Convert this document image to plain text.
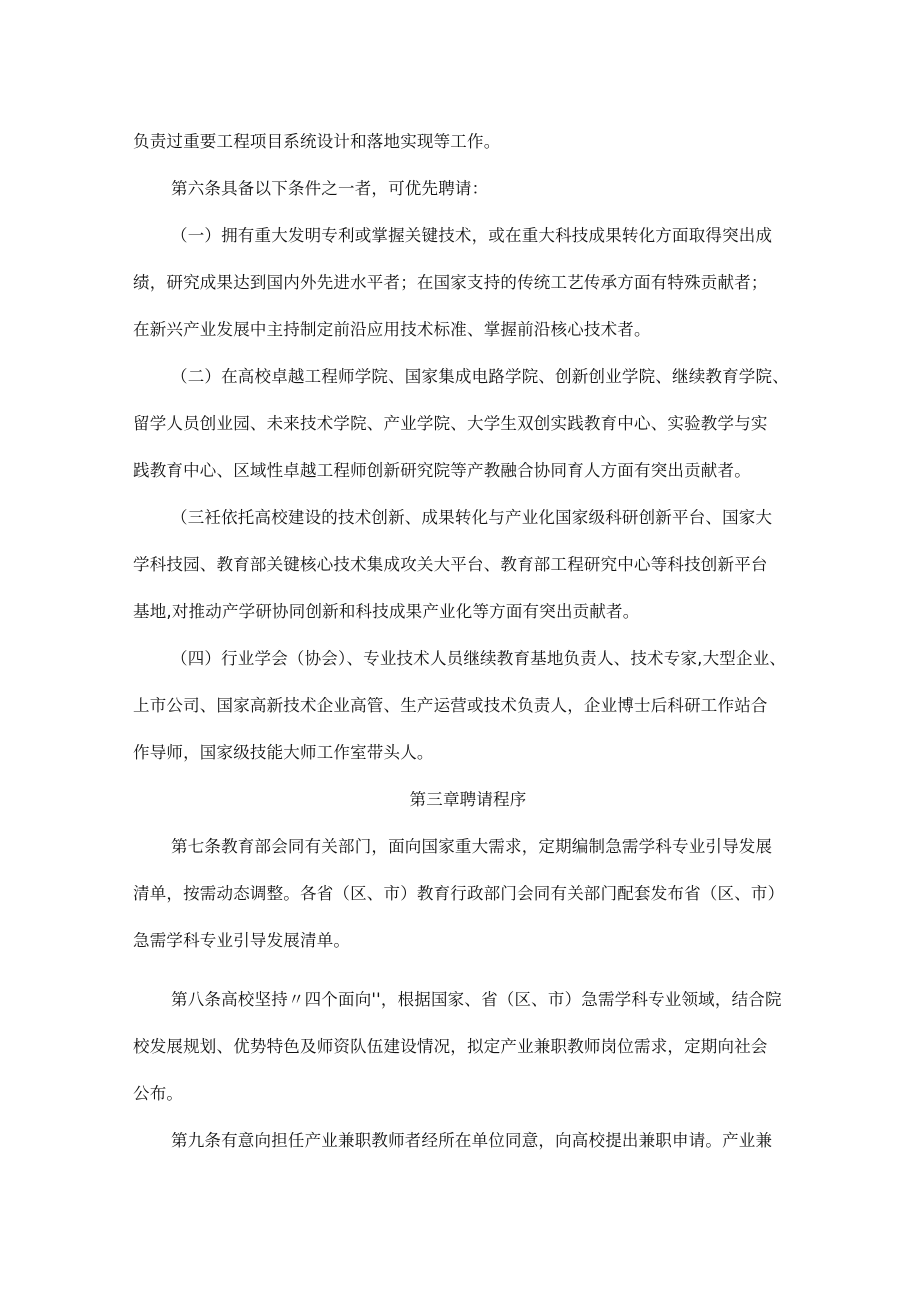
负责过重要工程项目系统设计和落地实现等工作。

第六条具备以下条件之一者，可优先聘请：

（一）拥有重大发明专利或掌握关键技术，或在重大科技成果转化方面取得突出成
绩，研究成果达到国内外先进水平者；在国家支持的传统工艺传承方面有特殊贡献者；
在新兴产业发展中主持制定前沿应用技术标准、掌握前沿核心技术者。

（二）在高校卓越工程师学院、国家集成电路学院、创新创业学院、继续教育学院、
留学人员创业园、未来技术学院、产业学院、大学生双创实践教育中心、实验教学与实
践教育中心、区域性卓越工程师创新研究院等产教融合协同育人方面有突出贡献者。

（三衽依托高校建设的技术创新、成果转化与产业化国家级科研创新平台、国家大
学科技园、教育部关键核心技术集成攻关大平台、教育部工程研究中心等科技创新平台
基地,对推动产学研协同创新和科技成果产业化等方面有突出贡献者。

（四）行业学会（协会）、专业技术人员继续教育基地负责人、技术专家,大型企业、
上市公司、国家高新技术企业高管、生产运营或技术负责人，企业博士后科研工作站合
作导师，国家级技能大师工作室带头人。

第三章聘请程序

第七条教育部会同有关部门，面向国家重大需求，定期编制急需学科专业引导发展
清单，按需动态调整。各省（区、市）教育行政部门会同有关部门配套发布省（区、市）
急需学科专业引导发展清单。

第八条高校坚持〃四个面向''，根据国家、省（区、市）急需学科专业领域，结合院
校发展规划、优势特色及师资队伍建设情况，拟定产业兼职教师岗位需求，定期向社会
公布。

第九条有意向担任产业兼职教师者经所在单位同意，向高校提出兼职申请。产业兼
